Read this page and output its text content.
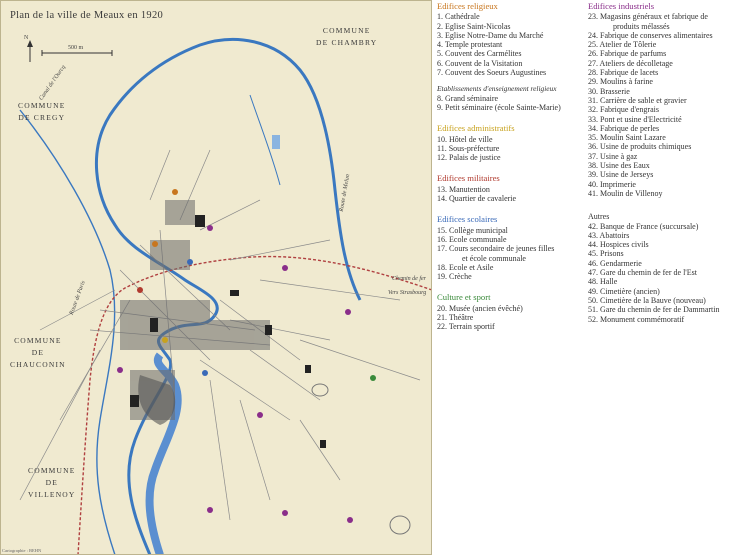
Plan de la ville de Meaux en 1920
N
500 m
COMMUNE
DE CHAMBRY
COMMUNE
DE CREGY
COMMUNE
DE
CHAUCONIN
COMMUNE
DE
VILLENOY
Chemin de fer
Vers Strasbourg
Canal de l'Ourcq
Route de Melun
Route de Paris
Cartographie : BEHN
Edifices religieux
1. Cathédrale
2. Eglise Saint-Nicolas
3. Eglise Notre-Dame du Marché
4. Temple protestant
5. Couvent des Carmélites
6. Couvent de la Visitation
7. Couvent des Soeurs Augustines
Etablissements d'enseignement religieux
8. Grand séminaire
9. Petit séminaire (école Sainte-Marie)
Edifices administratifs
10. Hôtel de ville
11. Sous-préfecture
12. Palais de justice
Edifices militaires
13. Manutention
14. Quartier de cavalerie
Edifices scolaires
15. Collège municipal
16. Ecole communale
17. Cours secondaire de jeunes filles
et école communale
18. Ecole et Asile
19. Crèche
Culture et sport
20. Musée (ancien évêché)
21. Théâtre
22. Terrain sportif
Edifices industriels
23. Magasins généraux et fabrique de
produits mélassés
24. Fabrique de conserves alimentaires
25. Atelier de Tôlerie
26. Fabrique de parfums
27. Ateliers de décolletage
28. Fabrique de lacets
29. Moulins à farine
30. Brasserie
31. Carrière de sable et gravier
32. Fabrique d'engrais
33. Pont et usine d'Electricité
34. Fabrique de perles
35. Moulin Saint Lazare
36. Usine de produits chimiques
37. Usine à gaz
38. Usine des Eaux
39. Usine de Jerseys
40. Imprimerie
41. Moulin de Villenoy
Autres
42. Banque de France (succursale)
43. Abattoirs
44. Hospices civils
45. Prisons
46. Gendarmerie
47. Gare du chemin de fer de l'Est
48. Halle
49. Cimetière (ancien)
50. Cimetière de la Bauve (nouveau)
51. Gare du chemin de fer de Dammartin
52. Monument commémoratif
